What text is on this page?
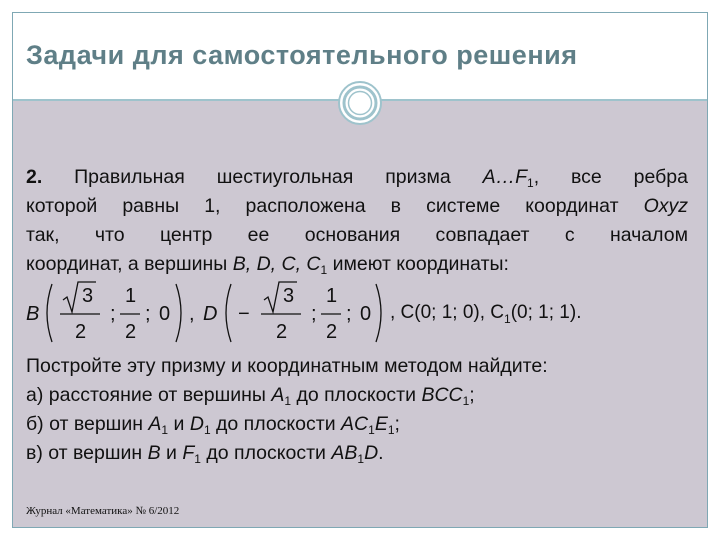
Задачи для самостоятельного решения
2. Правильная шестиугольная призма $A\dots F_1$, все ребра
которой равны 1, расположена в системе координат Oxyz
так, что центр ее основания совпадает с началом
координат, а вершины B, D, C, $C_1$ имеют координаты:
B
3
2
;
1
2
; 0 , D −
3
2
;
1
2
; 0 , C(0; 1; 0), $C_1(0$; 1; 1).
Постройте эту призму и координатным методом найдите:
а) расстояние от вершины $A_1$ до плоскости $BCC_1$;
б) от вершин $A_1$ и $D_1$ до плоскости $AC_1E_1$;
в) от вершин B и $F_1$ до плоскости $AB_1D$.
Журнал «Математика» № 6/2012
